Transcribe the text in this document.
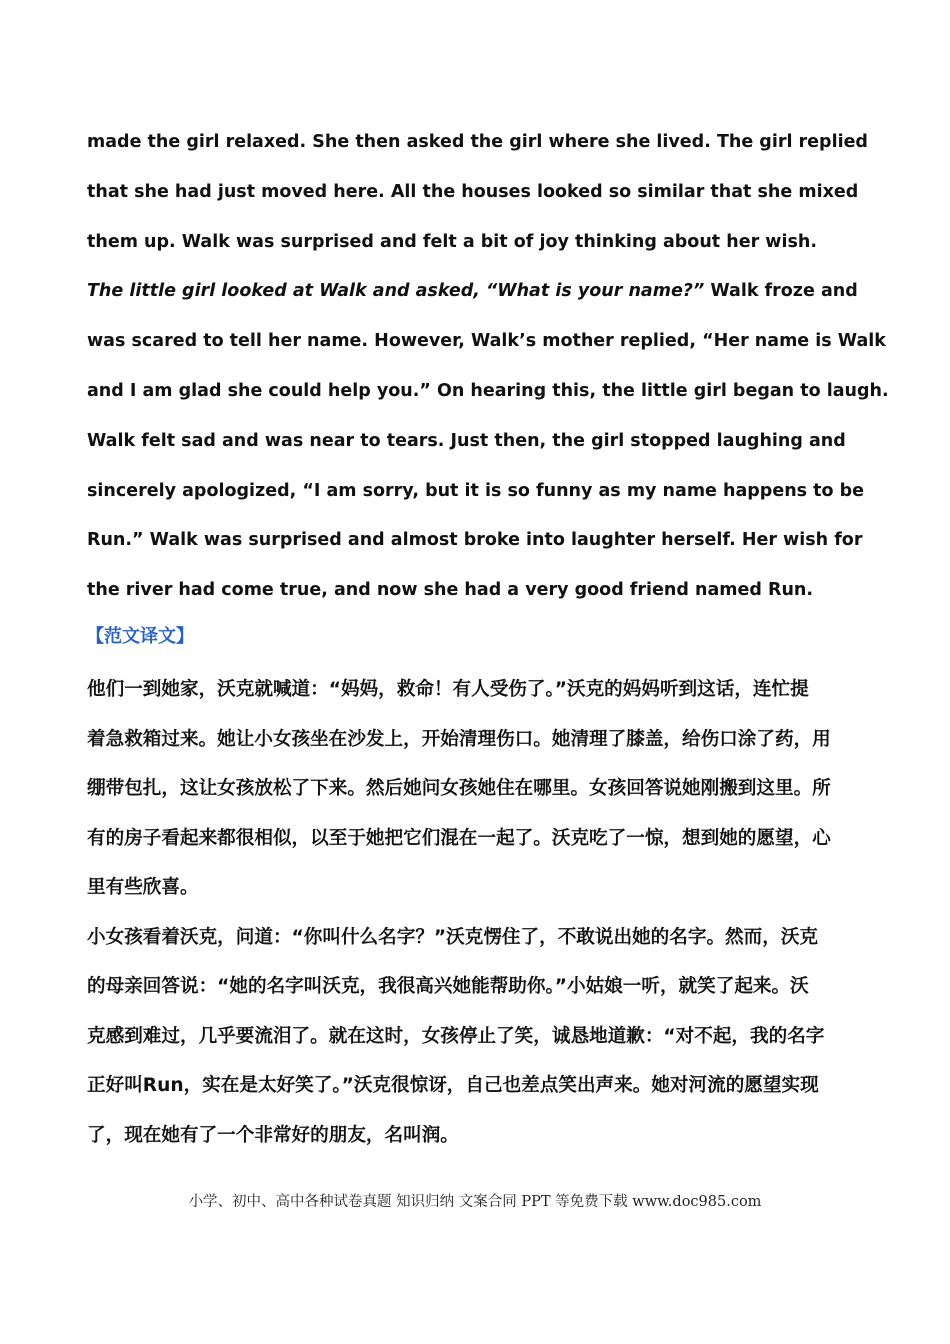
made the girl relaxed. She then asked the girl where she lived. The girl replied
that she had just moved here. All the houses looked so similar that she mixed
them up. Walk was surprised and felt a bit of joy thinking about her wish.
The little girl looked at Walk and asked, “What is your name?” Walk froze and
was scared to tell her name. However, Walk’s mother replied, “Her name is Walk
and I am glad she could help you.” On hearing this, the little girl began to laugh.
Walk felt sad and was near to tears. Just then, the girl stopped laughing and
sincerely apologized, “I am sorry, but it is so funny as my name happens to be
Run.” Walk was surprised and almost broke into laughter herself. Her wish for
the river had come true, and now she had a very good friend named Run.
【范文译文】
他们一到她家，沃克就喊道：“妈妈，救命！有人受伤了。”沃克的妈妈听到这话，连忙提
着急救箱过来。她让小女孩坐在沙发上，开始清理伤口。她清理了膝盖，给伤口涂了药，用
绷带包扎，这让女孩放松了下来。然后她问女孩她住在哪里。女孩回答说她刚搬到这里。所
有的房子看起来都很相似，以至于她把它们混在一起了。沃克吃了一惊，想到她的愿望，心
里有些欣喜。
小女孩看着沃克，问道：“你叫什么名字？”沃克愣住了，不敢说出她的名字。然而，沃克
的母亲回答说：“她的名字叫沃克，我很高兴她能帮助你。”小姑娘一听，就笑了起来。沃
克感到难过，几乎要流泪了。就在这时，女孩停止了笑，诚恳地道歉：“对不起，我的名字
正好叫Run，实在是太好笑了。”沃克很惊讶，自己也差点笑出声来。她对河流的愿望实现
了，现在她有了一个非常好的朋友，名叫润。
小学、初中、高中各种试卷真题 知识归纳 文案合同 PPT 等免费下载 www.doc985.com
